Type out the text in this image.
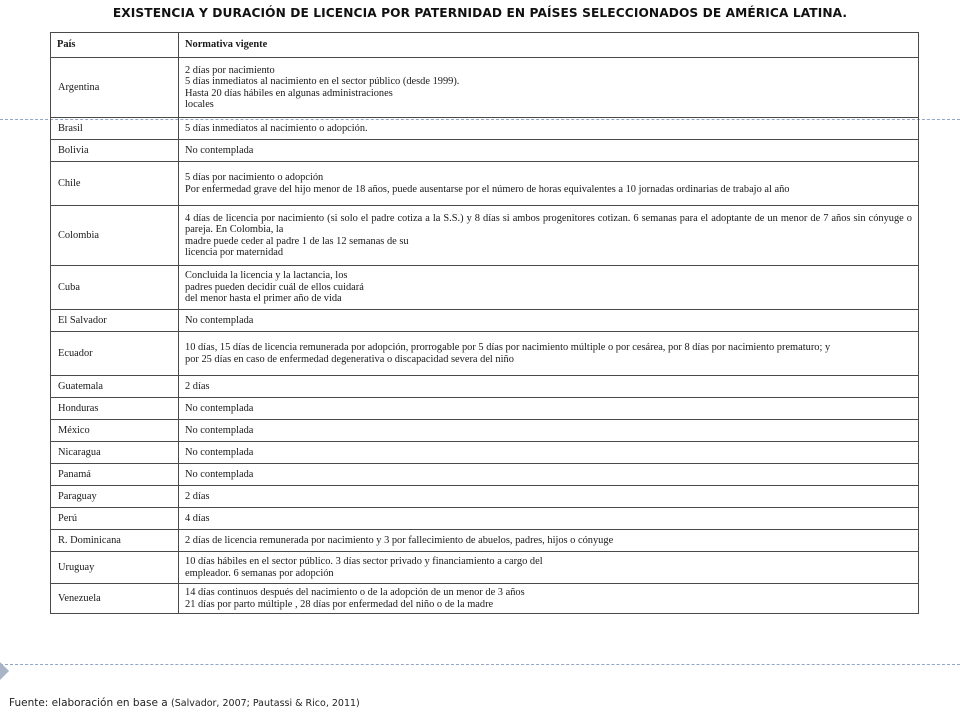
EXISTENCIA Y DURACIÓN DE LICENCIA POR PATERNIDAD EN PAÍSES SELECCIONADOS DE AMÉRICA LATINA.
País	Normativa vigente
Argentina	2 días por nacimiento
5 días inmediatos al nacimiento en el sector público (desde 1999).
Hasta 20 días hábiles en algunas administraciones
locales

Brasil	5 días inmediatos al nacimiento o adopción.

Bolivia	No contemplada

Chile	5 días por nacimiento o adopción
Por enfermedad grave del hijo menor de 18 años, puede ausentarse por el número de horas equivalentes a 10 jornadas ordinarias de trabajo al año

Colombia	4 días de licencia por nacimiento (si solo el padre cotiza a la S.S.) y 8 días si ambos progenitores cotizan. 6 semanas para el adoptante de un menor de 7 años sin cónyuge o pareja. En Colombia, la
madre puede ceder al padre 1 de las 12 semanas de su
licencia por maternidad

Cuba	Concluida la licencia y la lactancia, los
padres pueden decidir cuál de ellos cuidará
del menor hasta el primer año de vida

El Salvador	No contemplada

Ecuador	10 días, 15 días de licencia remunerada por adopción, prorrogable por 5 días por nacimiento múltiple o por cesárea, por 8 días por nacimiento prematuro; y
por 25 días en caso de enfermedad degenerativa o discapacidad severa del niño

Guatemala	2 días

Honduras	No contemplada

México	No contemplada

Nicaragua	No contemplada

Panamá	No contemplada

Paraguay	2 días

Perú	4 días

R. Dominicana	2 días de licencia remunerada por nacimiento y 3 por fallecimiento de abuelos, padres, hijos o cónyuge

Uruguay	10 días hábiles en el sector público. 3 días sector privado y financiamiento a cargo del
empleador. 6 semanas por adopción

Venezuela	14 días continuos después del nacimiento o de la adopción de un menor de 3 años
21 días por parto múltiple , 28 días por enfermedad del niño o de la madre
Fuente: elaboración en base a (Salvador, 2007; Pautassi & Rico, 2011)
